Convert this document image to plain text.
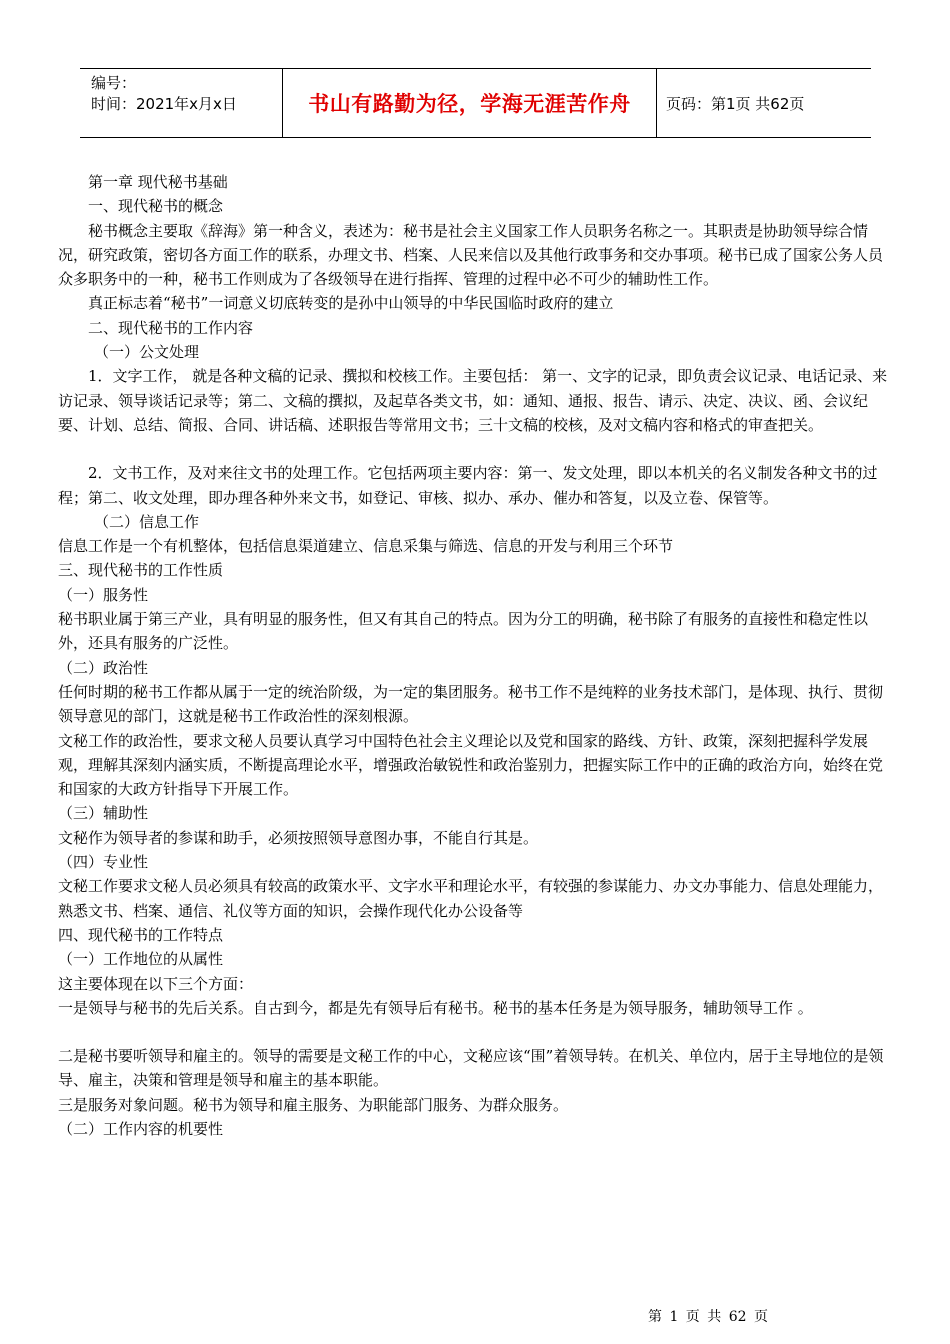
编号：
时间：2021年x月x日	书山有路勤为径，学海无涯苦作舟 页码：第1页 共62页

第一章 现代秘书基础

一、现代秘书的概念

秘书概念主要取《辞海》第一种含义，表述为：秘书是社会主义国家工作人员职务名称之一。其职责是协助领导综合情况，研究政策，密切各方面工作的联系，办理文书、档案、人民来信以及其他行政事务和交办事项。秘书已成了国家公务人员众多职务中的一种，秘书工作则成为了各级领导在进行指挥、管理的过程中必不可少的辅助性工作。

真正标志着“秘书”一词意义切底转变的是孙中山领导的中华民国临时政府的建立

二、现代秘书的工作内容

（一）公文处理

1．文字工作， 就是各种文稿的记录、撰拟和校核工作。主要包括： 第一、文字的记录，即负责会议记录、电话记录、来访记录、领导谈话记录等；第二、文稿的撰拟，及起草各类文书，如：通知、通报、报告、请示、决定、决议、函、会议纪要、计划、总结、简报、合同、讲话稿、述职报告等常用文书；三十文稿的校核，及对文稿内容和格式的审查把关。

2．文书工作，及对来往文书的处理工作。它包括两项主要内容：第一、发文处理，即以本机关的名义制发各种文书的过程；第二、收文处理，即办理各种外来文书，如登记、审核、拟办、承办、催办和答复，以及立卷、保管等。

（二）信息工作

信息工作是一个有机整体，包括信息渠道建立、信息采集与筛选、信息的开发与利用三个环节

三、现代秘书的工作性质

（一）服务性

秘书职业属于第三产业，具有明显的服务性，但又有其自己的特点。因为分工的明确，秘书除了有服务的直接性和稳定性以外，还具有服务的广泛性。

（二）政治性

任何时期的秘书工作都从属于一定的统治阶级，为一定的集团服务。秘书工作不是纯粹的业务技术部门，是体现、执行、贯彻领导意见的部门，这就是秘书工作政治性的深刻根源。

文秘工作的政治性，要求文秘人员要认真学习中国特色社会主义理论以及党和国家的路线、方针、政策，深刻把握科学发展观，理解其深刻内涵实质，不断提高理论水平，增强政治敏锐性和政治鉴别力，把握实际工作中的正确的政治方向，始终在党和国家的大政方针指导下开展工作。

（三）辅助性

文秘作为领导者的参谋和助手，必须按照领导意图办事，不能自行其是。

（四）专业性

文秘工作要求文秘人员必须具有较高的政策水平、文字水平和理论水平，有较强的参谋能力、办文办事能力、信息处理能力，熟悉文书、档案、通信、礼仪等方面的知识，会操作现代化办公设备等

四、现代秘书的工作特点

（一）工作地位的从属性

这主要体现在以下三个方面：

一是领导与秘书的先后关系。自古到今，都是先有领导后有秘书。秘书的基本任务是为领导服务，辅助领导工作 。

二是秘书要听领导和雇主的。领导的需要是文秘工作的中心，文秘应该“围”着领导转。在机关、单位内，居于主导地位的是领导、雇主，决策和管理是领导和雇主的基本职能。

三是服务对象问题。秘书为领导和雇主服务、为职能部门服务、为群众服务。

（二）工作内容的机要性

第 1 页 共 62 页
